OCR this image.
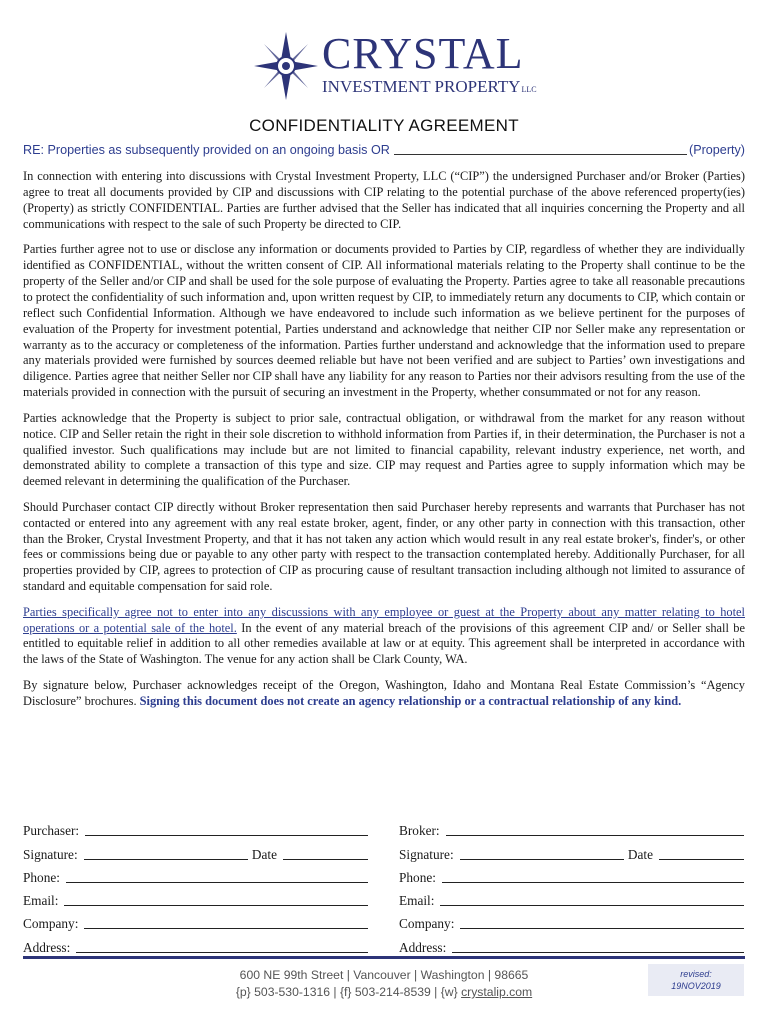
CRYSTAL
INVESTMENT PROPERTYLLC
CONFIDENTIALITY AGREEMENT
RE: Properties as subsequently provided on an ongoing basis OR	(Property)

In connection with entering into discussions with Crystal Investment Property, LLC (“CIP”) the undersigned Purchaser and/or Broker (Parties) agree to treat all documents provided by CIP and discussions with CIP relating to the potential purchase of the above referenced property(ies) (Property) as strictly CONFIDENTIAL. Parties are further advised that the Seller has indicated that all inquiries concerning the Property and all communications with respect to the sale of such Property be directed to CIP.

Parties further agree not to use or disclose any information or documents provided to Parties by CIP, regardless of whether they are individually identified as CONFIDENTIAL, without the written consent of CIP. All informational materials relating to the Property shall continue to be the property of the Seller and/or CIP and shall be used for the sole purpose of evaluating the Property. Parties agree to take all reasonable precautions to protect the confidentiality of such information and, upon written request by CIP, to immediately return any documents to CIP, which contain or reflect such Confidential Information. Although we have endeavored to include such information as we believe pertinent for the purposes of evaluation of the Property for investment potential, Parties understand and acknowledge that neither CIP nor Seller make any representation or warranty as to the accuracy or completeness of the information. Parties further understand and acknowledge that the information used to prepare any materials provided were furnished by sources deemed reliable but have not been verified and are subject to Parties’ own investigations and diligence. Parties agree that neither Seller nor CIP shall have any liability for any reason to Parties nor their advisors resulting from the use of the materials provided in connection with the pursuit of securing an investment in the Property, whether consummated or not for any reason.

Parties acknowledge that the Property is subject to prior sale, contractual obligation, or withdrawal from the market for any reason without notice. CIP and Seller retain the right in their sole discretion to withhold information from Parties if, in their determination, the Purchaser is not a qualified investor. Such qualifications may include but are not limited to financial capability, relevant industry experience, net worth, and demonstrated ability to complete a transaction of this type and size. CIP may request and Parties agree to supply information which may be deemed relevant in determining the qualification of the Purchaser.

Should Purchaser contact CIP directly without Broker representation then said Purchaser hereby represents and warrants that Purchaser has not contacted or entered into any agreement with any real estate broker, agent, finder, or any other party in connection with this transaction, other than the Broker, Crystal Investment Property, and that it has not taken any action which would result in any real estate broker's, finder's, or other fees or commissions being due or payable to any other party with respect to the transaction contemplated hereby. Additionally Purchaser, for all properties provided by CIP, agrees to protection of CIP as procuring cause of resultant transaction including although not limited to assurance of standard and equitable compensation for said role.

Parties specifically agree not to enter into any discussions with any employee or guest at the Property about any matter relating to hotel operations or a potential sale of the hotel. In the event of any material breach of the provisions of this agreement CIP and/ or Seller shall be entitled to equitable relief in addition to all other remedies available at law or at equity. This agreement shall be interpreted in accordance with the laws of the State of Washington. The venue for any action shall be Clark County, WA.

By signature below, Purchaser acknowledges receipt of the Oregon, Washington, Idaho and Montana Real Estate Commission’s “Agency Disclosure” brochures. Signing this document does not create an agency relationship or a contractual relationship of any kind.

Purchaser:
Signature:	Date
Phone:
Email:
Company:
Address:
Broker:
Signature:	Date
Phone:
Email:
Company:
Address:
600 NE 99th Street | Vancouver | Washington | 98665
{p} 503-530-1316 | {f} 503-214-8539 | {w} crystalip.com
revised:
19NOV2019
